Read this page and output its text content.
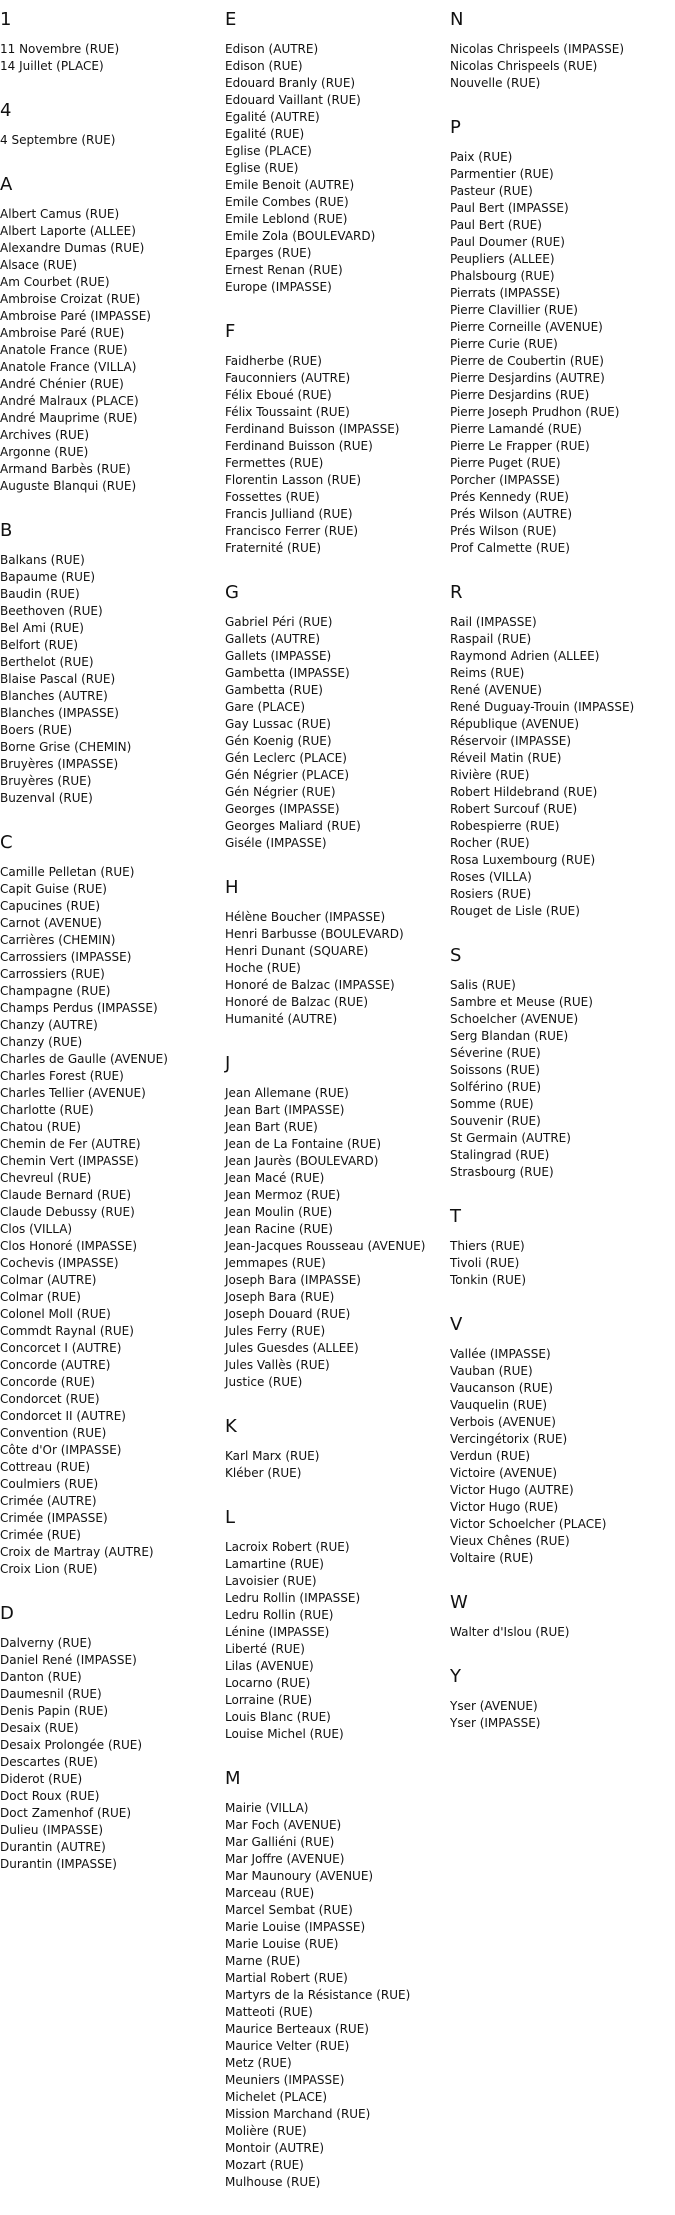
1
11 Novembre (RUE)
14 Juillet (PLACE)
4
4 Septembre (RUE)
A
Albert Camus (RUE)
Albert Laporte (ALLEE)
Alexandre Dumas (RUE)
Alsace (RUE)
Am Courbet (RUE)
Ambroise Croizat (RUE)
Ambroise Paré (IMPASSE)
Ambroise Paré (RUE)
Anatole France (RUE)
Anatole France (VILLA)
André Chénier (RUE)
André Malraux (PLACE)
André Mauprime (RUE)
Archives (RUE)
Argonne (RUE)
Armand Barbès (RUE)
Auguste Blanqui (RUE)
B
Balkans (RUE)
Bapaume (RUE)
Baudin (RUE)
Beethoven (RUE)
Bel Ami (RUE)
Belfort (RUE)
Berthelot (RUE)
Blaise Pascal (RUE)
Blanches (AUTRE)
Blanches (IMPASSE)
Boers (RUE)
Borne Grise (CHEMIN)
Bruyères (IMPASSE)
Bruyères (RUE)
Buzenval (RUE)
C
Camille Pelletan (RUE)
Capit Guise (RUE)
Capucines (RUE)
Carnot (AVENUE)
Carrières (CHEMIN)
Carrossiers (IMPASSE)
Carrossiers (RUE)
Champagne (RUE)
Champs Perdus (IMPASSE)
Chanzy (AUTRE)
Chanzy (RUE)
Charles de Gaulle (AVENUE)
Charles Forest (RUE)
Charles Tellier (AVENUE)
Charlotte (RUE)
Chatou (RUE)
Chemin de Fer (AUTRE)
Chemin Vert (IMPASSE)
Chevreul (RUE)
Claude Bernard (RUE)
Claude Debussy (RUE)
Clos (VILLA)
Clos Honoré (IMPASSE)
Cochevis (IMPASSE)
Colmar (AUTRE)
Colmar (RUE)
Colonel Moll (RUE)
Commdt Raynal (RUE)
Concorcet I (AUTRE)
Concorde (AUTRE)
Concorde (RUE)
Condorcet (RUE)
Condorcet II (AUTRE)
Convention (RUE)
Côte d'Or (IMPASSE)
Cottreau (RUE)
Coulmiers (RUE)
Crimée (AUTRE)
Crimée (IMPASSE)
Crimée (RUE)
Croix de Martray (AUTRE)
Croix Lion (RUE)
D
Dalverny (RUE)
Daniel René (IMPASSE)
Danton (RUE)
Daumesnil (RUE)
Denis Papin (RUE)
Desaix (RUE)
Desaix Prolongée (RUE)
Descartes (RUE)
Diderot (RUE)
Doct Roux (RUE)
Doct Zamenhof (RUE)
Dulieu (IMPASSE)
Durantin (AUTRE)
Durantin (IMPASSE)
E
Edison (AUTRE)
Edison (RUE)
Edouard Branly (RUE)
Edouard Vaillant (RUE)
Egalité (AUTRE)
Egalité (RUE)
Eglise (PLACE)
Eglise (RUE)
Emile Benoit (AUTRE)
Emile Combes (RUE)
Emile Leblond (RUE)
Emile Zola (BOULEVARD)
Eparges (RUE)
Ernest Renan (RUE)
Europe (IMPASSE)
F
Faidherbe (RUE)
Fauconniers (AUTRE)
Félix Eboué (RUE)
Félix Toussaint (RUE)
Ferdinand Buisson (IMPASSE)
Ferdinand Buisson (RUE)
Fermettes (RUE)
Florentin Lasson (RUE)
Fossettes (RUE)
Francis Julliand (RUE)
Francisco Ferrer (RUE)
Fraternité (RUE)
G
Gabriel Péri (RUE)
Gallets (AUTRE)
Gallets (IMPASSE)
Gambetta (IMPASSE)
Gambetta (RUE)
Gare (PLACE)
Gay Lussac (RUE)
Gén Koenig (RUE)
Gén Leclerc (PLACE)
Gén Négrier (PLACE)
Gén Négrier (RUE)
Georges (IMPASSE)
Georges Maliard (RUE)
Giséle (IMPASSE)
H
Hélène Boucher (IMPASSE)
Henri Barbusse (BOULEVARD)
Henri Dunant (SQUARE)
Hoche (RUE)
Honoré de Balzac (IMPASSE)
Honoré de Balzac (RUE)
Humanité (AUTRE)
J
Jean Allemane (RUE)
Jean Bart (IMPASSE)
Jean Bart (RUE)
Jean de La Fontaine (RUE)
Jean Jaurès (BOULEVARD)
Jean Macé (RUE)
Jean Mermoz (RUE)
Jean Moulin (RUE)
Jean Racine (RUE)
Jean-Jacques Rousseau (AVENUE)
Jemmapes (RUE)
Joseph Bara (IMPASSE)
Joseph Bara (RUE)
Joseph Douard (RUE)
Jules Ferry (RUE)
Jules Guesdes (ALLEE)
Jules Vallès (RUE)
Justice (RUE)
K
Karl Marx (RUE)
Kléber (RUE)
L
Lacroix Robert (RUE)
Lamartine (RUE)
Lavoisier (RUE)
Ledru Rollin (IMPASSE)
Ledru Rollin (RUE)
Lénine (IMPASSE)
Liberté (RUE)
Lilas (AVENUE)
Locarno (RUE)
Lorraine (RUE)
Louis Blanc (RUE)
Louise Michel (RUE)
M
Mairie (VILLA)
Mar Foch (AVENUE)
Mar Galliéni (RUE)
Mar Joffre (AVENUE)
Mar Maunoury (AVENUE)
Marceau (RUE)
Marcel Sembat (RUE)
Marie Louise (IMPASSE)
Marie Louise (RUE)
Marne (RUE)
Martial Robert (RUE)
Martyrs de la Résistance (RUE)
Matteoti (RUE)
Maurice Berteaux (RUE)
Maurice Velter (RUE)
Metz (RUE)
Meuniers (IMPASSE)
Michelet (PLACE)
Mission Marchand (RUE)
Molière (RUE)
Montoir (AUTRE)
Mozart (RUE)
Mulhouse (RUE)
N
Nicolas Chrispeels (IMPASSE)
Nicolas Chrispeels (RUE)
Nouvelle (RUE)
P
Paix (RUE)
Parmentier (RUE)
Pasteur (RUE)
Paul Bert (IMPASSE)
Paul Bert (RUE)
Paul Doumer (RUE)
Peupliers (ALLEE)
Phalsbourg (RUE)
Pierrats (IMPASSE)
Pierre Clavillier (RUE)
Pierre Corneille (AVENUE)
Pierre Curie (RUE)
Pierre de Coubertin (RUE)
Pierre Desjardins (AUTRE)
Pierre Desjardins (RUE)
Pierre Joseph Prudhon (RUE)
Pierre Lamandé (RUE)
Pierre Le Frapper (RUE)
Pierre Puget (RUE)
Porcher (IMPASSE)
Prés Kennedy (RUE)
Prés Wilson (AUTRE)
Prés Wilson (RUE)
Prof Calmette (RUE)
R
Rail (IMPASSE)
Raspail (RUE)
Raymond Adrien (ALLEE)
Reims (RUE)
René (AVENUE)
René Duguay-Trouin (IMPASSE)
République (AVENUE)
Réservoir (IMPASSE)
Réveil Matin (RUE)
Rivière (RUE)
Robert Hildebrand (RUE)
Robert Surcouf (RUE)
Robespierre (RUE)
Rocher (RUE)
Rosa Luxembourg (RUE)
Roses (VILLA)
Rosiers (RUE)
Rouget de Lisle (RUE)
S
Salis (RUE)
Sambre et Meuse (RUE)
Schoelcher (AVENUE)
Serg Blandan (RUE)
Séverine (RUE)
Soissons (RUE)
Solférino (RUE)
Somme (RUE)
Souvenir (RUE)
St Germain (AUTRE)
Stalingrad (RUE)
Strasbourg (RUE)
T
Thiers (RUE)
Tivoli (RUE)
Tonkin (RUE)
V
Vallée (IMPASSE)
Vauban (RUE)
Vaucanson (RUE)
Vauquelin (RUE)
Verbois (AVENUE)
Vercingétorix (RUE)
Verdun (RUE)
Victoire (AVENUE)
Victor Hugo (AUTRE)
Victor Hugo (RUE)
Victor Schoelcher (PLACE)
Vieux Chênes (RUE)
Voltaire (RUE)
W
Walter d'Islou (RUE)
Y
Yser (AVENUE)
Yser (IMPASSE)
